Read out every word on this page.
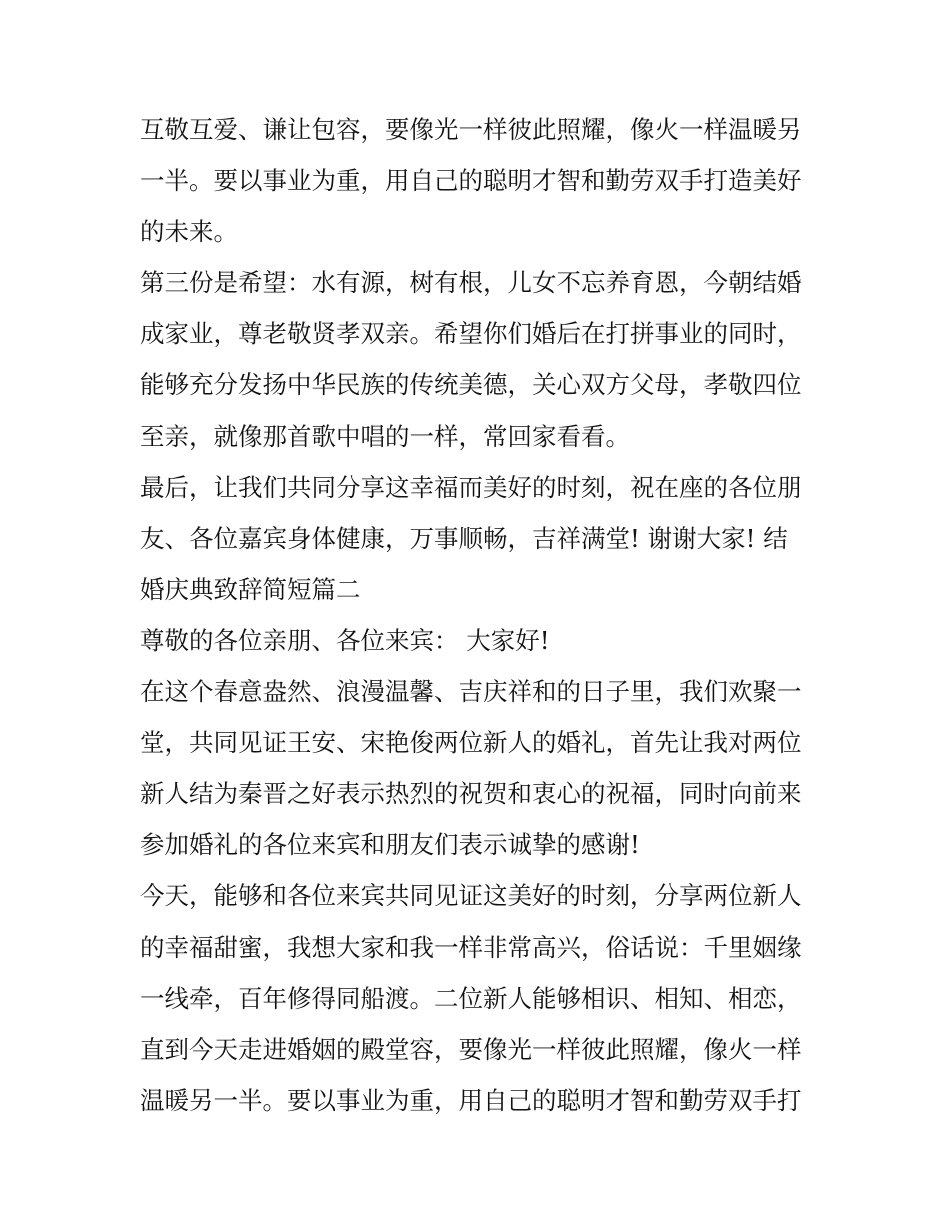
互敬互爱、谦让包容，要像光一样彼此照耀，像火一样温暖另
一半。要以事业为重，用自己的聪明才智和勤劳双手打造美好
的未来。
第三份是希望：水有源，树有根，儿女不忘养育恩，今朝结婚
成家业，尊老敬贤孝双亲。希望你们婚后在打拼事业的同时，
能够充分发扬中华民族的传统美德，关心双方父母，孝敬四位
至亲，就像那首歌中唱的一样，常回家看看。
最后，让我们共同分享这幸福而美好的时刻，祝在座的各位朋
友、各位嘉宾身体健康，万事顺畅，吉祥满堂! 谢谢大家! 结
婚庆典致辞简短篇二
尊敬的各位亲朋、各位来宾： 大家好!
在这个春意盎然、浪漫温馨、吉庆祥和的日子里，我们欢聚一
堂，共同见证王安、宋艳俊两位新人的婚礼，首先让我对两位
新人结为秦晋之好表示热烈的祝贺和衷心的祝福，同时向前来
参加婚礼的各位来宾和朋友们表示诚挚的感谢!
今天，能够和各位来宾共同见证这美好的时刻，分享两位新人
的幸福甜蜜，我想大家和我一样非常高兴，俗话说：千里姻缘
一线牵，百年修得同船渡。二位新人能够相识、相知、相恋，
直到今天走进婚姻的殿堂容，要像光一样彼此照耀，像火一样
温暖另一半。要以事业为重，用自己的聪明才智和勤劳双手打
